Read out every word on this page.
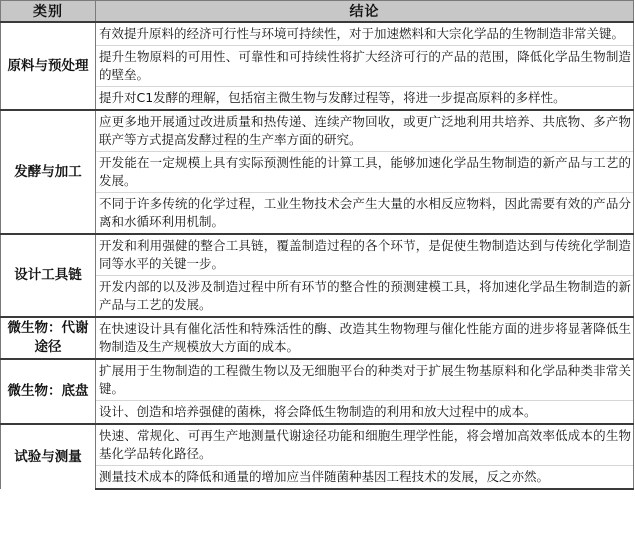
类别	结论
原料与预处理	有效提升原料的经济可行性与环境可持续性，对于加速燃料和大宗化学品的生物制造非常关键。
	提升生物原料的可用性、可靠性和可持续性将扩大经济可行的产品的范围，降低化学品生物制造的壁垒。
	提升对C1发酵的理解，包括宿主微生物与发酵过程等，将进一步提高原料的多样性。
发酵与加工	应更多地开展通过改进质量和热传递、连续产物回收，或更广泛地利用共培养、共底物、多产物联产等方式提高发酵过程的生产率方面的研究。
	开发能在一定规模上具有实际预测性能的计算工具，能够加速化学品生物制造的新产品与工艺的发展。
	不同于许多传统的化学过程，工业生物技术会产生大量的水相反应物料，因此需要有效的产品分离和水循环利用机制。
设计工具链	开发和利用强健的整合工具链，覆盖制造过程的各个环节，是促使生物制造达到与传统化学制造同等水平的关键一步。
	开发内部的以及涉及制造过程中所有环节的整合性的预测建模工具，将加速化学品生物制造的新产品与工艺的发展。
微生物：代谢途径	在快速设计具有催化活性和特殊活性的酶、改造其生物物理与催化性能方面的进步将显著降低生物制造及生产规模放大方面的成本。
微生物：底盘	扩展用于生物制造的工程微生物以及无细胞平台的种类对于扩展生物基原料和化学品种类非常关键。
	设计、创造和培养强健的菌株，将会降低生物制造的利用和放大过程中的成本。
试验与测量	快速、常规化、可再生产地测量代谢途径功能和细胞生理学性能，将会增加高效率低成本的生物基化学品转化路径。
	测量技术成本的降低和通量的增加应当伴随菌种基因工程技术的发展，反之亦然。
